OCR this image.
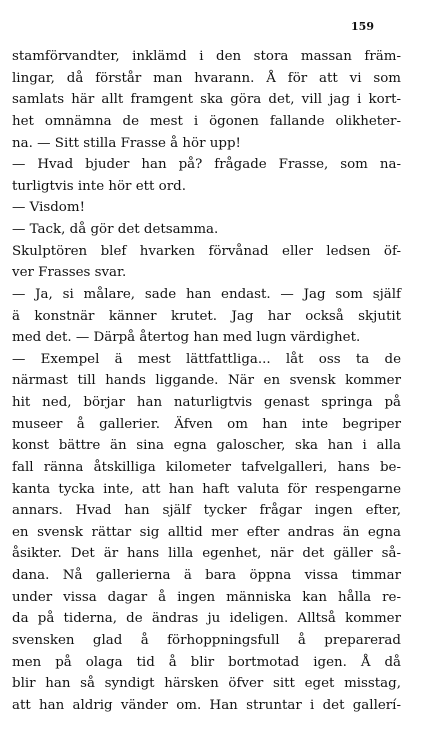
159
stamförvandter, inklämd i den stora massan främ-
lingar, då förstår man hvarann. Å för att vi som
samlats här allt framgent ska göra det, vill jag i kort-
het omnämna de mest i ögonen fallande olikheter-
na. — Sitt stilla Frasse å hör upp!
— Hvad bjuder han på? frågade Frasse, som na-
turligtvis inte hör ett ord.
— Visdom!
— Tack, då gör det detsamma.
Skulptören blef hvarken förvånad eller ledsen öf-
ver Frasses svar.
— Ja, si målare, sade han endast. — Jag som själf
ä konstnär känner krutet. Jag har också skjutit
med det. — Därpå återtog han med lugn värdighet.
— Exempel ä mest lättfattliga... låt oss ta de
närmast till hands liggande. När en svensk kommer
hit ned, börjar han naturligtvis genast springa på
museer å gallerier. Äfven om han inte begriper
konst bättre än sina egna galoscher, ska han i alla
fall ränna åtskilliga kilometer tafvelgalleri, hans be-
kanta tycka inte, att han haft valuta för respengarne
annars. Hvad han själf tycker frågar ingen efter,
en svensk rättar sig alltid mer efter andras än egna
åsikter. Det är hans lilla egenhet, när det gäller så-
dana. Nå gallerierna ä bara öppna vissa timmar
under vissa dagar å ingen människa kan hålla re-
da på tiderna, de ändras ju ideligen. Alltså kommer
svensken glad å förhoppningsfull å preparerad
men på olaga tid å blir bortmotad igen. Å då
blir han så syndigt härsken öfver sitt eget misstag,
att han aldrig vänder om. Han struntar i det gallerí-
